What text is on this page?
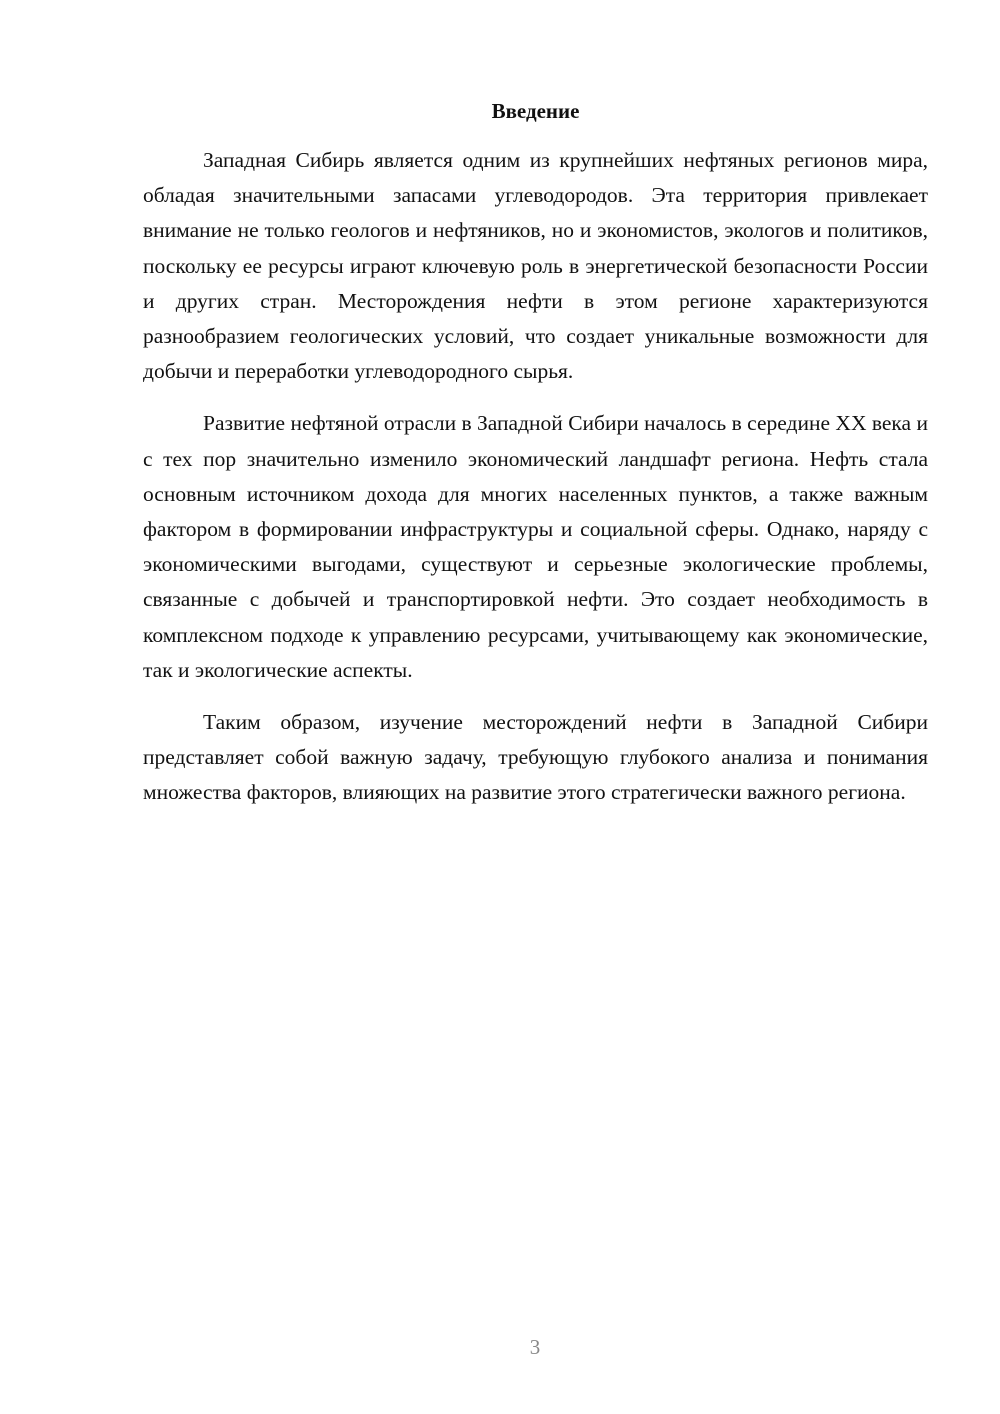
Введение

Западная Сибирь является одним из крупнейших нефтяных регионов мира, обладая значительными запасами углеводородов. Эта территория привлекает внимание не только геологов и нефтяников, но и экономистов, экологов и политиков, поскольку ее ресурсы играют ключевую роль в энергетической безопасности России и других стран. Месторождения нефти в этом регионе характеризуются разнообразием геологических условий, что создает уникальные возможности для добычи и переработки углеводородного сырья.

Развитие нефтяной отрасли в Западной Сибири началось в середине XX века и с тех пор значительно изменило экономический ландшафт региона. Нефть стала основным источником дохода для многих населенных пунктов, а также важным фактором в формировании инфраструктуры и социальной сферы. Однако, наряду с экономическими выгодами, существуют и серьезные экологические проблемы, связанные с добычей и транспортировкой нефти. Это создает необходимость в комплексном подходе к управлению ресурсами, учитывающему как экономические, так и экологические аспекты.

Таким образом, изучение месторождений нефти в Западной Сибири представляет собой важную задачу, требующую глубокого анализа и понимания множества факторов, влияющих на развитие этого стратегически важного региона.

3
